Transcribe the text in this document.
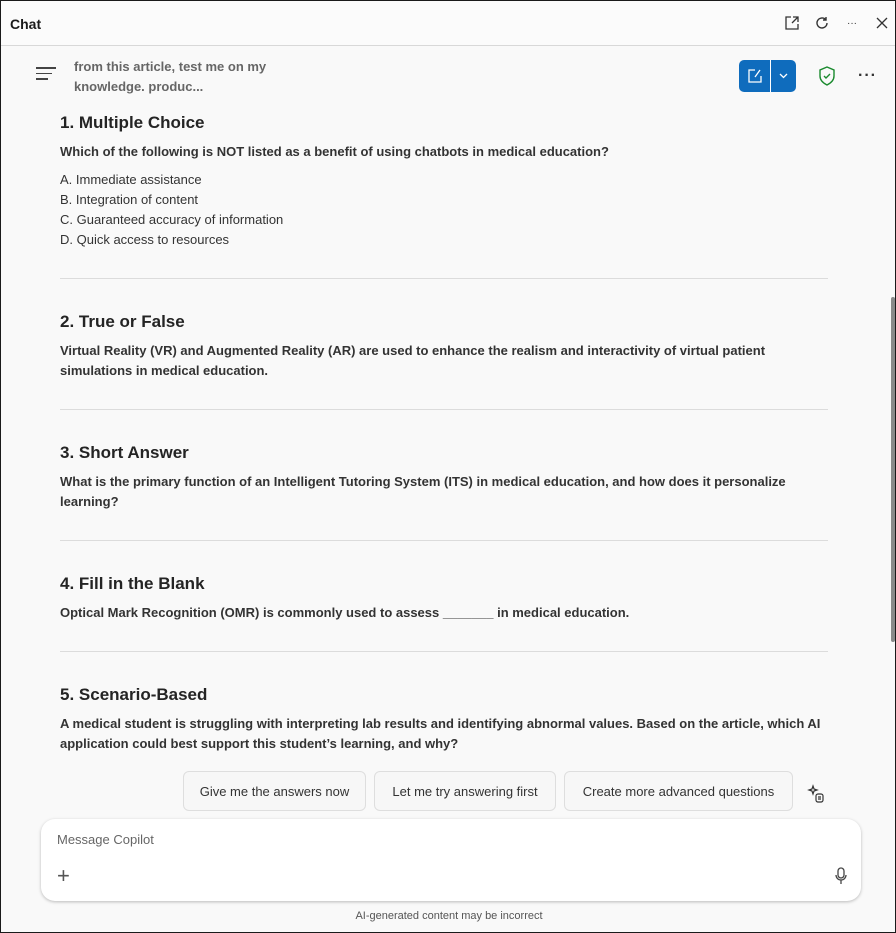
Chat	···
from this article, test me on my knowledge. produc...
···
1. Multiple Choice

Which of the following is NOT listed as a benefit of using chatbots in medical education?

A. Immediate assistance
B. Integration of content
C. Guaranteed accuracy of information
D. Quick access to resources
2. True or False

Virtual Reality (VR) and Augmented Reality (AR) are used to enhance the realism and interactivity of virtual patient simulations in medical education.

3. Short Answer

What is the primary function of an Intelligent Tutoring System (ITS) in medical education, and how does it personalize learning?

4. Fill in the Blank

Optical Mark Recognition (OMR) is commonly used to assess _______ in medical education.

5. Scenario-Based

A medical student is struggling with interpreting lab results and identifying abnormal values. Based on the article, which AI application could best support this student’s learning, and why?

Give me the answers now	Let me try answering first	Create more advanced questions
Message Copilot
+
AI-generated content may be incorrect
